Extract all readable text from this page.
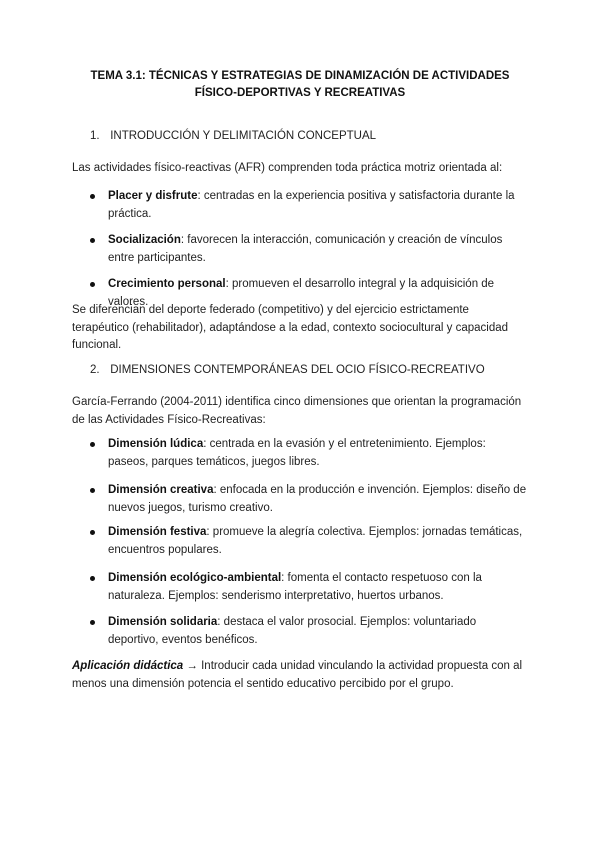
TEMA 3.1: TÉCNICAS Y ESTRATEGIAS DE DINAMIZACIÓN DE ACTIVIDADES
FÍSICO-DEPORTIVAS Y RECREATIVAS
1. INTRODUCCIÓN Y DELIMITACIÓN CONCEPTUAL
Las actividades físico-reactivas (AFR) comprenden toda práctica motriz orientada al:
Placer y disfrute: centradas en la experiencia positiva y satisfactoria durante la práctica.
Socialización: favorecen la interacción, comunicación y creación de vínculos entre participantes.
Crecimiento personal: promueven el desarrollo integral y la adquisición de valores.
Se diferencian del deporte federado (competitivo) y del ejercicio estrictamente terapéutico (rehabilitador), adaptándose a la edad, contexto sociocultural y capacidad funcional.
2. DIMENSIONES CONTEMPORÁNEAS DEL OCIO FÍSICO-RECREATIVO
García-Ferrando (2004-2011) identifica cinco dimensiones que orientan la programación de las Actividades Físico-Recreativas:
Dimensión lúdica: centrada en la evasión y el entretenimiento. Ejemplos: paseos, parques temáticos, juegos libres.
Dimensión creativa: enfocada en la producción e invención. Ejemplos: diseño de nuevos juegos, turismo creativo.
Dimensión festiva: promueve la alegría colectiva. Ejemplos: jornadas temáticas, encuentros populares.
Dimensión ecológico-ambiental: fomenta el contacto respetuoso con la naturaleza. Ejemplos: senderismo interpretativo, huertos urbanos.
Dimensión solidaria: destaca el valor prosocial. Ejemplos: voluntariado deportivo, eventos benéficos.
Aplicación didáctica → Introducir cada unidad vinculando la actividad propuesta con al menos una dimensión potencia el sentido educativo percibido por el grupo.
